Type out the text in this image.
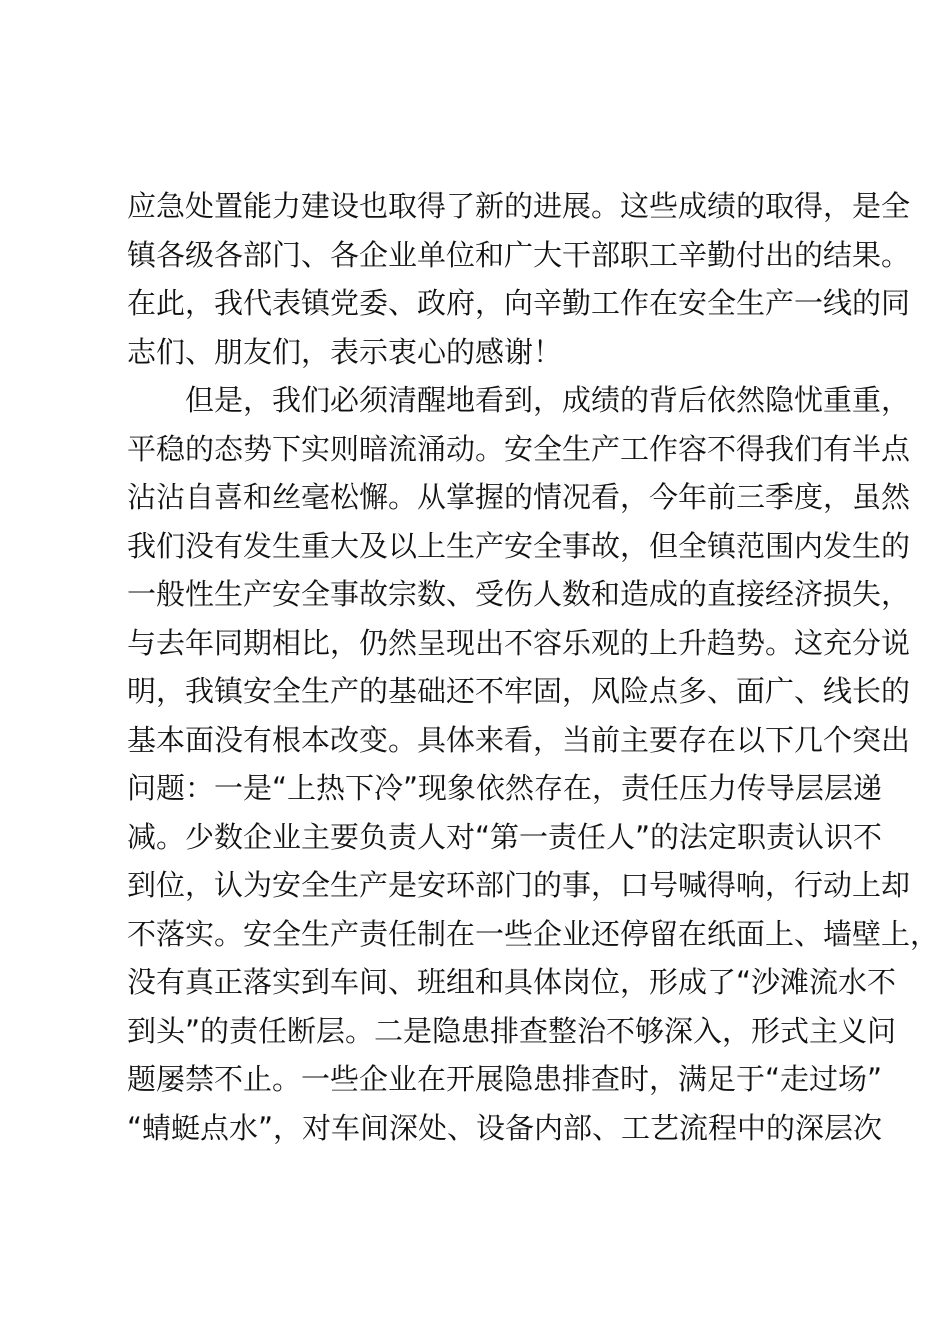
应急处置能力建设也取得了新的进展。这些成绩的取得，是全
镇各级各部门、各企业单位和广大干部职工辛勤付出的结果。
在此，我代表镇党委、政府，向辛勤工作在安全生产一线的同
志们、朋友们，表示衷心的感谢！
　　但是，我们必须清醒地看到，成绩的背后依然隐忧重重，
平稳的态势下实则暗流涌动。安全生产工作容不得我们有半点
沾沾自喜和丝毫松懈。从掌握的情况看，今年前三季度，虽然
我们没有发生重大及以上生产安全事故，但全镇范围内发生的
一般性生产安全事故宗数、受伤人数和造成的直接经济损失，
与去年同期相比，仍然呈现出不容乐观的上升趋势。这充分说
明，我镇安全生产的基础还不牢固，风险点多、面广、线长的
基本面没有根本改变。具体来看，当前主要存在以下几个突出
问题：一是“上热下冷”现象依然存在，责任压力传导层层递
减。少数企业主要负责人对“第一责任人”的法定职责认识不
到位，认为安全生产是安环部门的事，口号喊得响，行动上却
不落实。安全生产责任制在一些企业还停留在纸面上、墙壁上，
没有真正落实到车间、班组和具体岗位，形成了“沙滩流水不
到头”的责任断层。二是隐患排查整治不够深入，形式主义问
题屡禁不止。一些企业在开展隐患排查时，满足于“走过场”
“蜻蜓点水”，对车间深处、设备内部、工艺流程中的深层次
